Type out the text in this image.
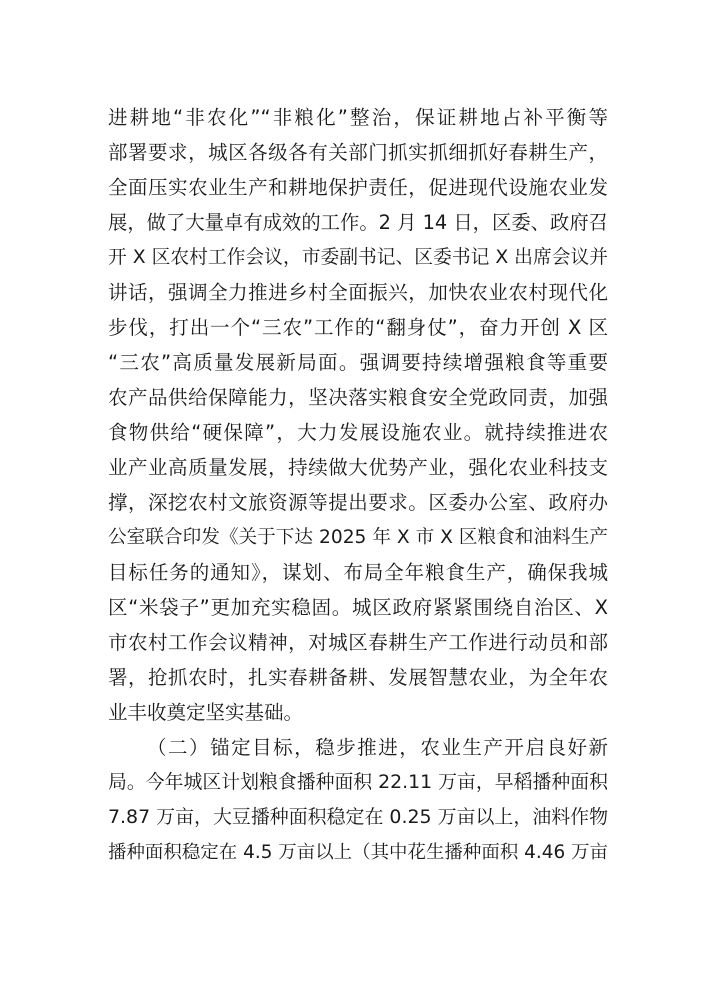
进耕地“非农化”“非粮化”整治，保证耕地占补平衡等
部署要求，城区各级各有关部门抓实抓细抓好春耕生产，
全面压实农业生产和耕地保护责任，促进现代设施农业发
展，做了大量卓有成效的工作。2 月 14 日，区委、政府召
开 X 区农村工作会议，市委副书记、区委书记 X 出席会议并
讲话，强调全力推进乡村全面振兴，加快农业农村现代化
步伐，打出一个“三农”工作的“翻身仗”，奋力开创 X 区
“三农”高质量发展新局面。强调要持续增强粮食等重要
农产品供给保障能力，坚决落实粮食安全党政同责，加强
食物供给“硬保障”，大力发展设施农业。就持续推进农
业产业高质量发展，持续做大优势产业，强化农业科技支
撑，深挖农村文旅资源等提出要求。区委办公室、政府办
公室联合印发《关于下达 2025 年 X 市 X 区粮食和油料生产
目标任务的通知》，谋划、布局全年粮食生产，确保我城
区“米袋子”更加充实稳固。城区政府紧紧围绕自治区、X
市农村工作会议精神，对城区春耕生产工作进行动员和部
署，抢抓农时，扎实春耕备耕、发展智慧农业，为全年农
业丰收奠定坚实基础。
（二）锚定目标，稳步推进，农业生产开启良好新
局。今年城区计划粮食播种面积 22.11 万亩，早稻播种面积
7.87 万亩，大豆播种面积稳定在 0.25 万亩以上，油料作物
播种面积稳定在 4.5 万亩以上（其中花生播种面积 4.46 万亩
